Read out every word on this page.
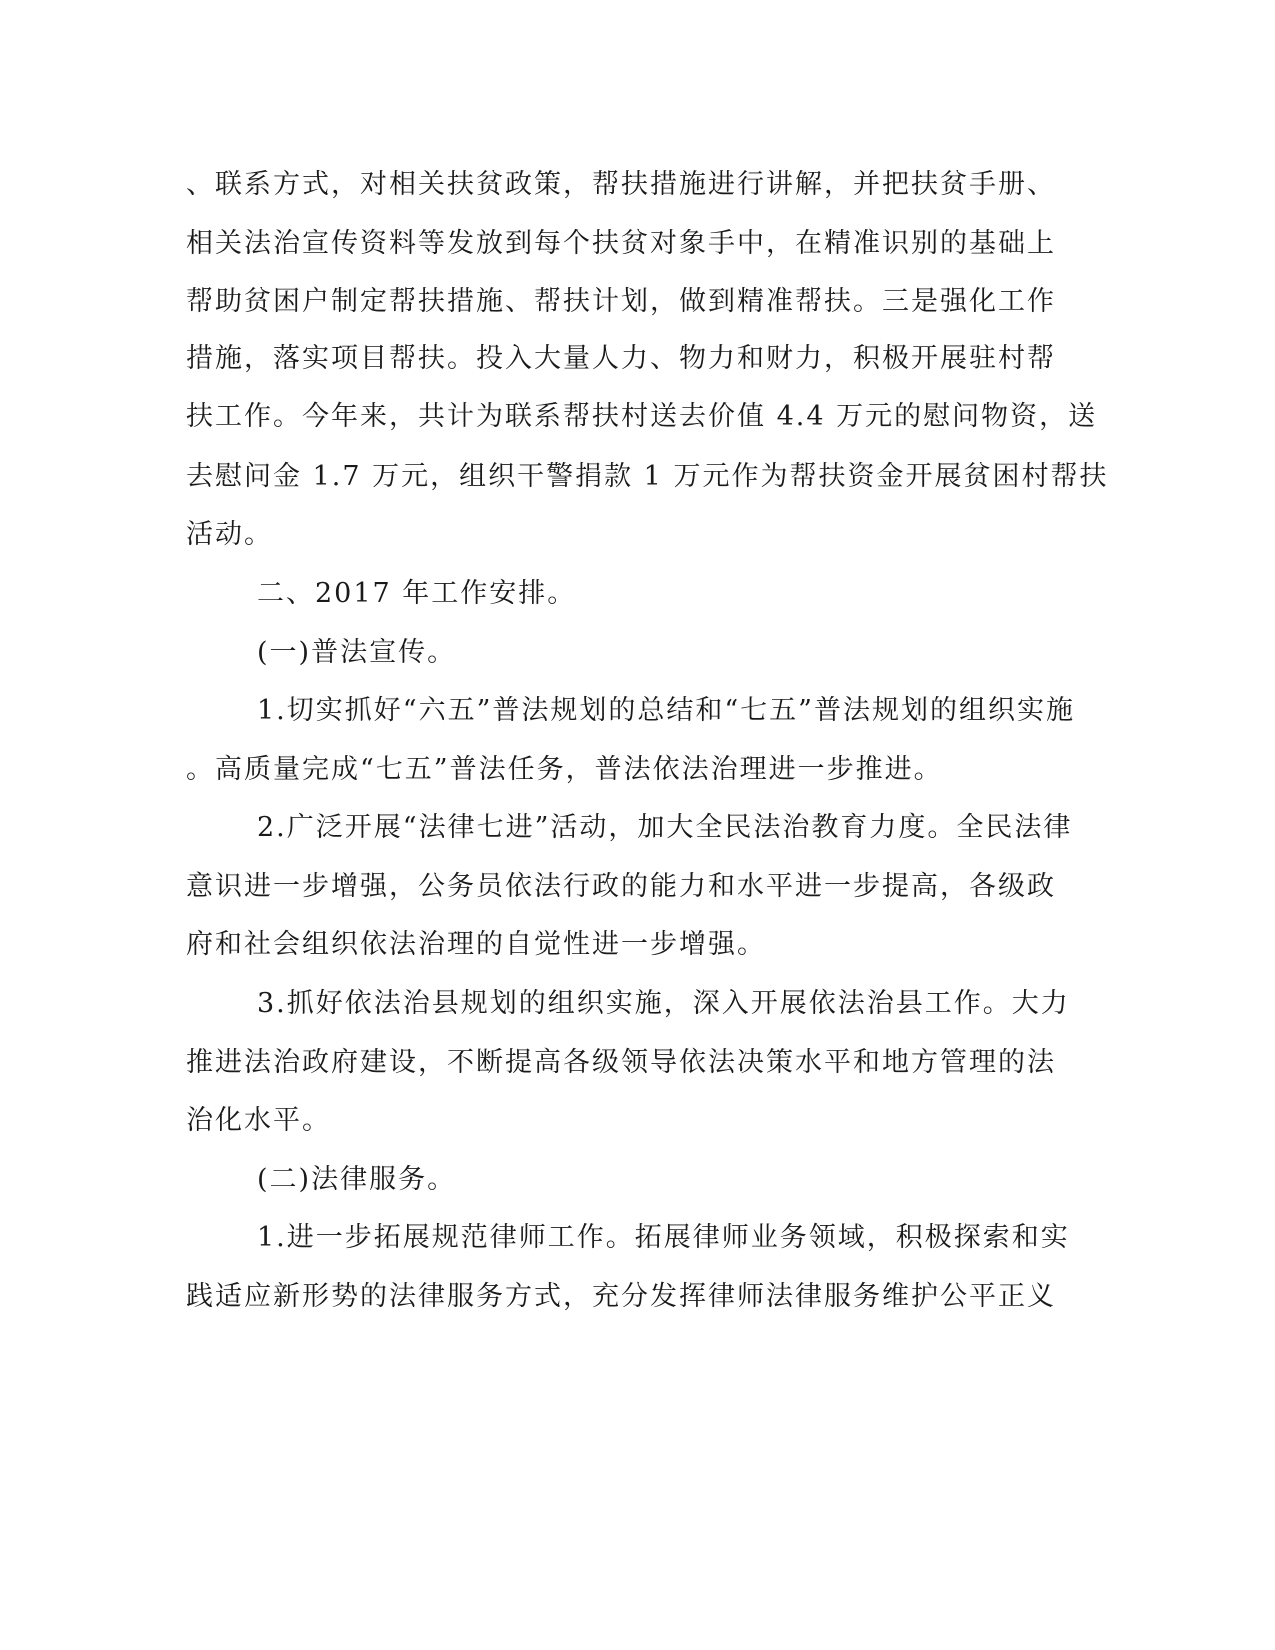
、联系方式，对相关扶贫政策，帮扶措施进行讲解，并把扶贫手册、
相关法治宣传资料等发放到每个扶贫对象手中，在精准识别的基础上
帮助贫困户制定帮扶措施、帮扶计划，做到精准帮扶。三是强化工作
措施，落实项目帮扶。投入大量人力、物力和财力，积极开展驻村帮
扶工作。今年来，共计为联系帮扶村送去价值 4.4 万元的慰问物资，送
去慰问金 1.7 万元，组织干警捐款 1 万元作为帮扶资金开展贫困村帮扶
活动。
二、2017 年工作安排。
(一)普法宣传。
1.切实抓好“六五”普法规划的总结和“七五”普法规划的组织实施
。高质量完成“七五”普法任务，普法依法治理进一步推进。
2.广泛开展“法律七进”活动，加大全民法治教育力度。全民法律
意识进一步增强，公务员依法行政的能力和水平进一步提高，各级政
府和社会组织依法治理的自觉性进一步增强。
3.抓好依法治县规划的组织实施，深入开展依法治县工作。大力
推进法治政府建设，不断提高各级领导依法决策水平和地方管理的法
治化水平。
(二)法律服务。
1.进一步拓展规范律师工作。拓展律师业务领域，积极探索和实
践适应新形势的法律服务方式，充分发挥律师法律服务维护公平正义
